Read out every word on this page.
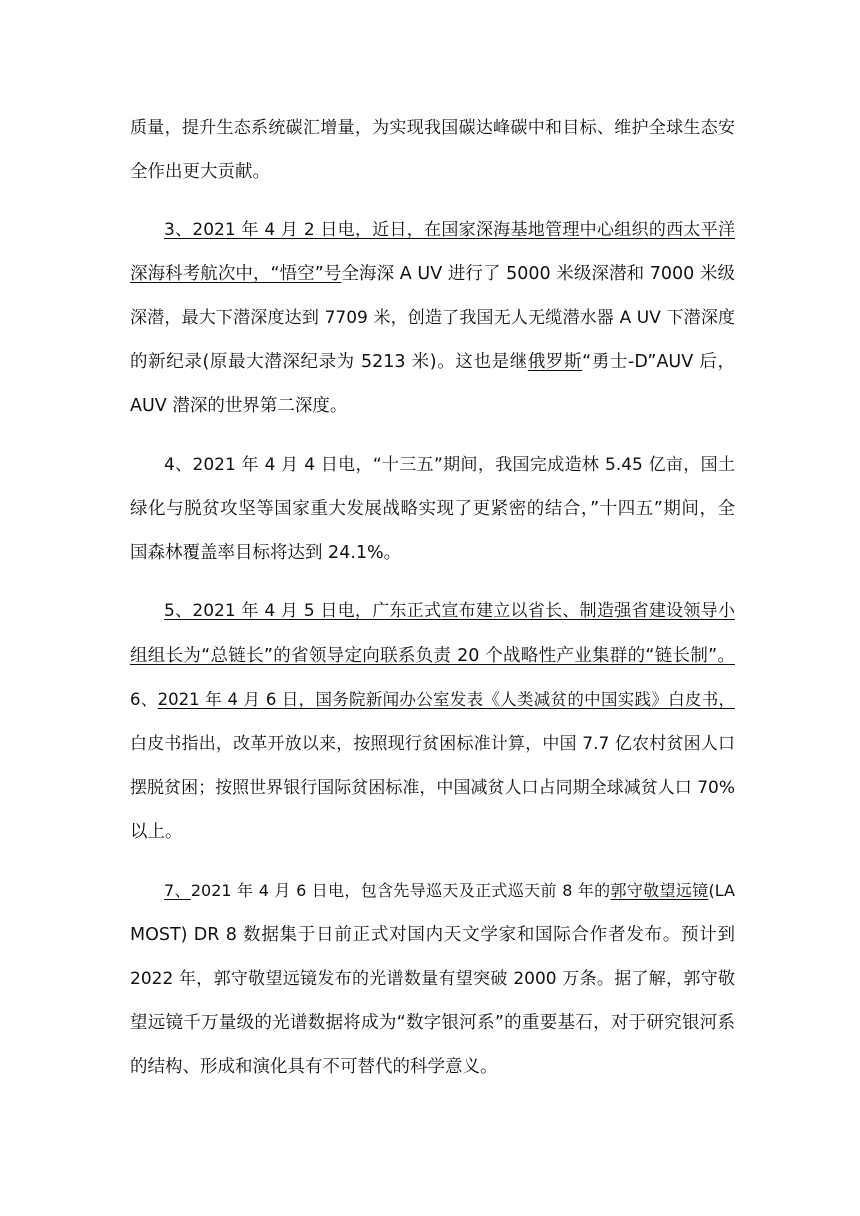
质量，提升生态系统碳汇增量，为实现我国碳达峰碳中和目标、维护全球生态安
全作出更大贡献。
3、2021 年 4 月 2 日电，近日，在国家深海基地管理中心组织的西太平洋
深海科考航次中，“悟空”号全海深 A UV 进行了 5000 米级深潜和 7000 米级
深潜，最大下潜深度达到 7709 米，创造了我国无人无缆潜水器 A UV 下潜深度
的新纪录(原最大潜深纪录为 5213 米)。这也是继俄罗斯“勇士-D”AUV 后，
AUV 潜深的世界第二深度。
4、2021 年 4 月 4 日电，“十三五”期间，我国完成造林 5.45 亿亩，国土
绿化与脱贫攻坚等国家重大发展战略实现了更紧密的结合，”十四五”期间，全
国森林覆盖率目标将达到 24.1%。
5、2021 年 4 月 5 日电，广东正式宣布建立以省长、制造强省建设领导小
组组长为“总链长”的省领导定向联系负责 20 个战略性产业集群的“链长制”。
6、2021 年 4 月 6 日，国务院新闻办公室发表《人类减贫的中国实践》白皮书，
白皮书指出，改革开放以来，按照现行贫困标准计算，中国 7.7 亿农村贫困人口
摆脱贫困；按照世界银行国际贫困标准，中国减贫人口占同期全球减贫人口 70%
以上。
7、2021 年 4 月 6 日电，包含先导巡天及正式巡天前 8 年的郭守敬望远镜(LA
MOST) DR 8 数据集于日前正式对国内天文学家和国际合作者发布。预计到
2022 年，郭守敬望远镜发布的光谱数量有望突破 2000 万条。据了解，郭守敬
望远镜千万量级的光谱数据将成为“数字银河系”的重要基石，对于研究银河系
的结构、形成和演化具有不可替代的科学意义。
